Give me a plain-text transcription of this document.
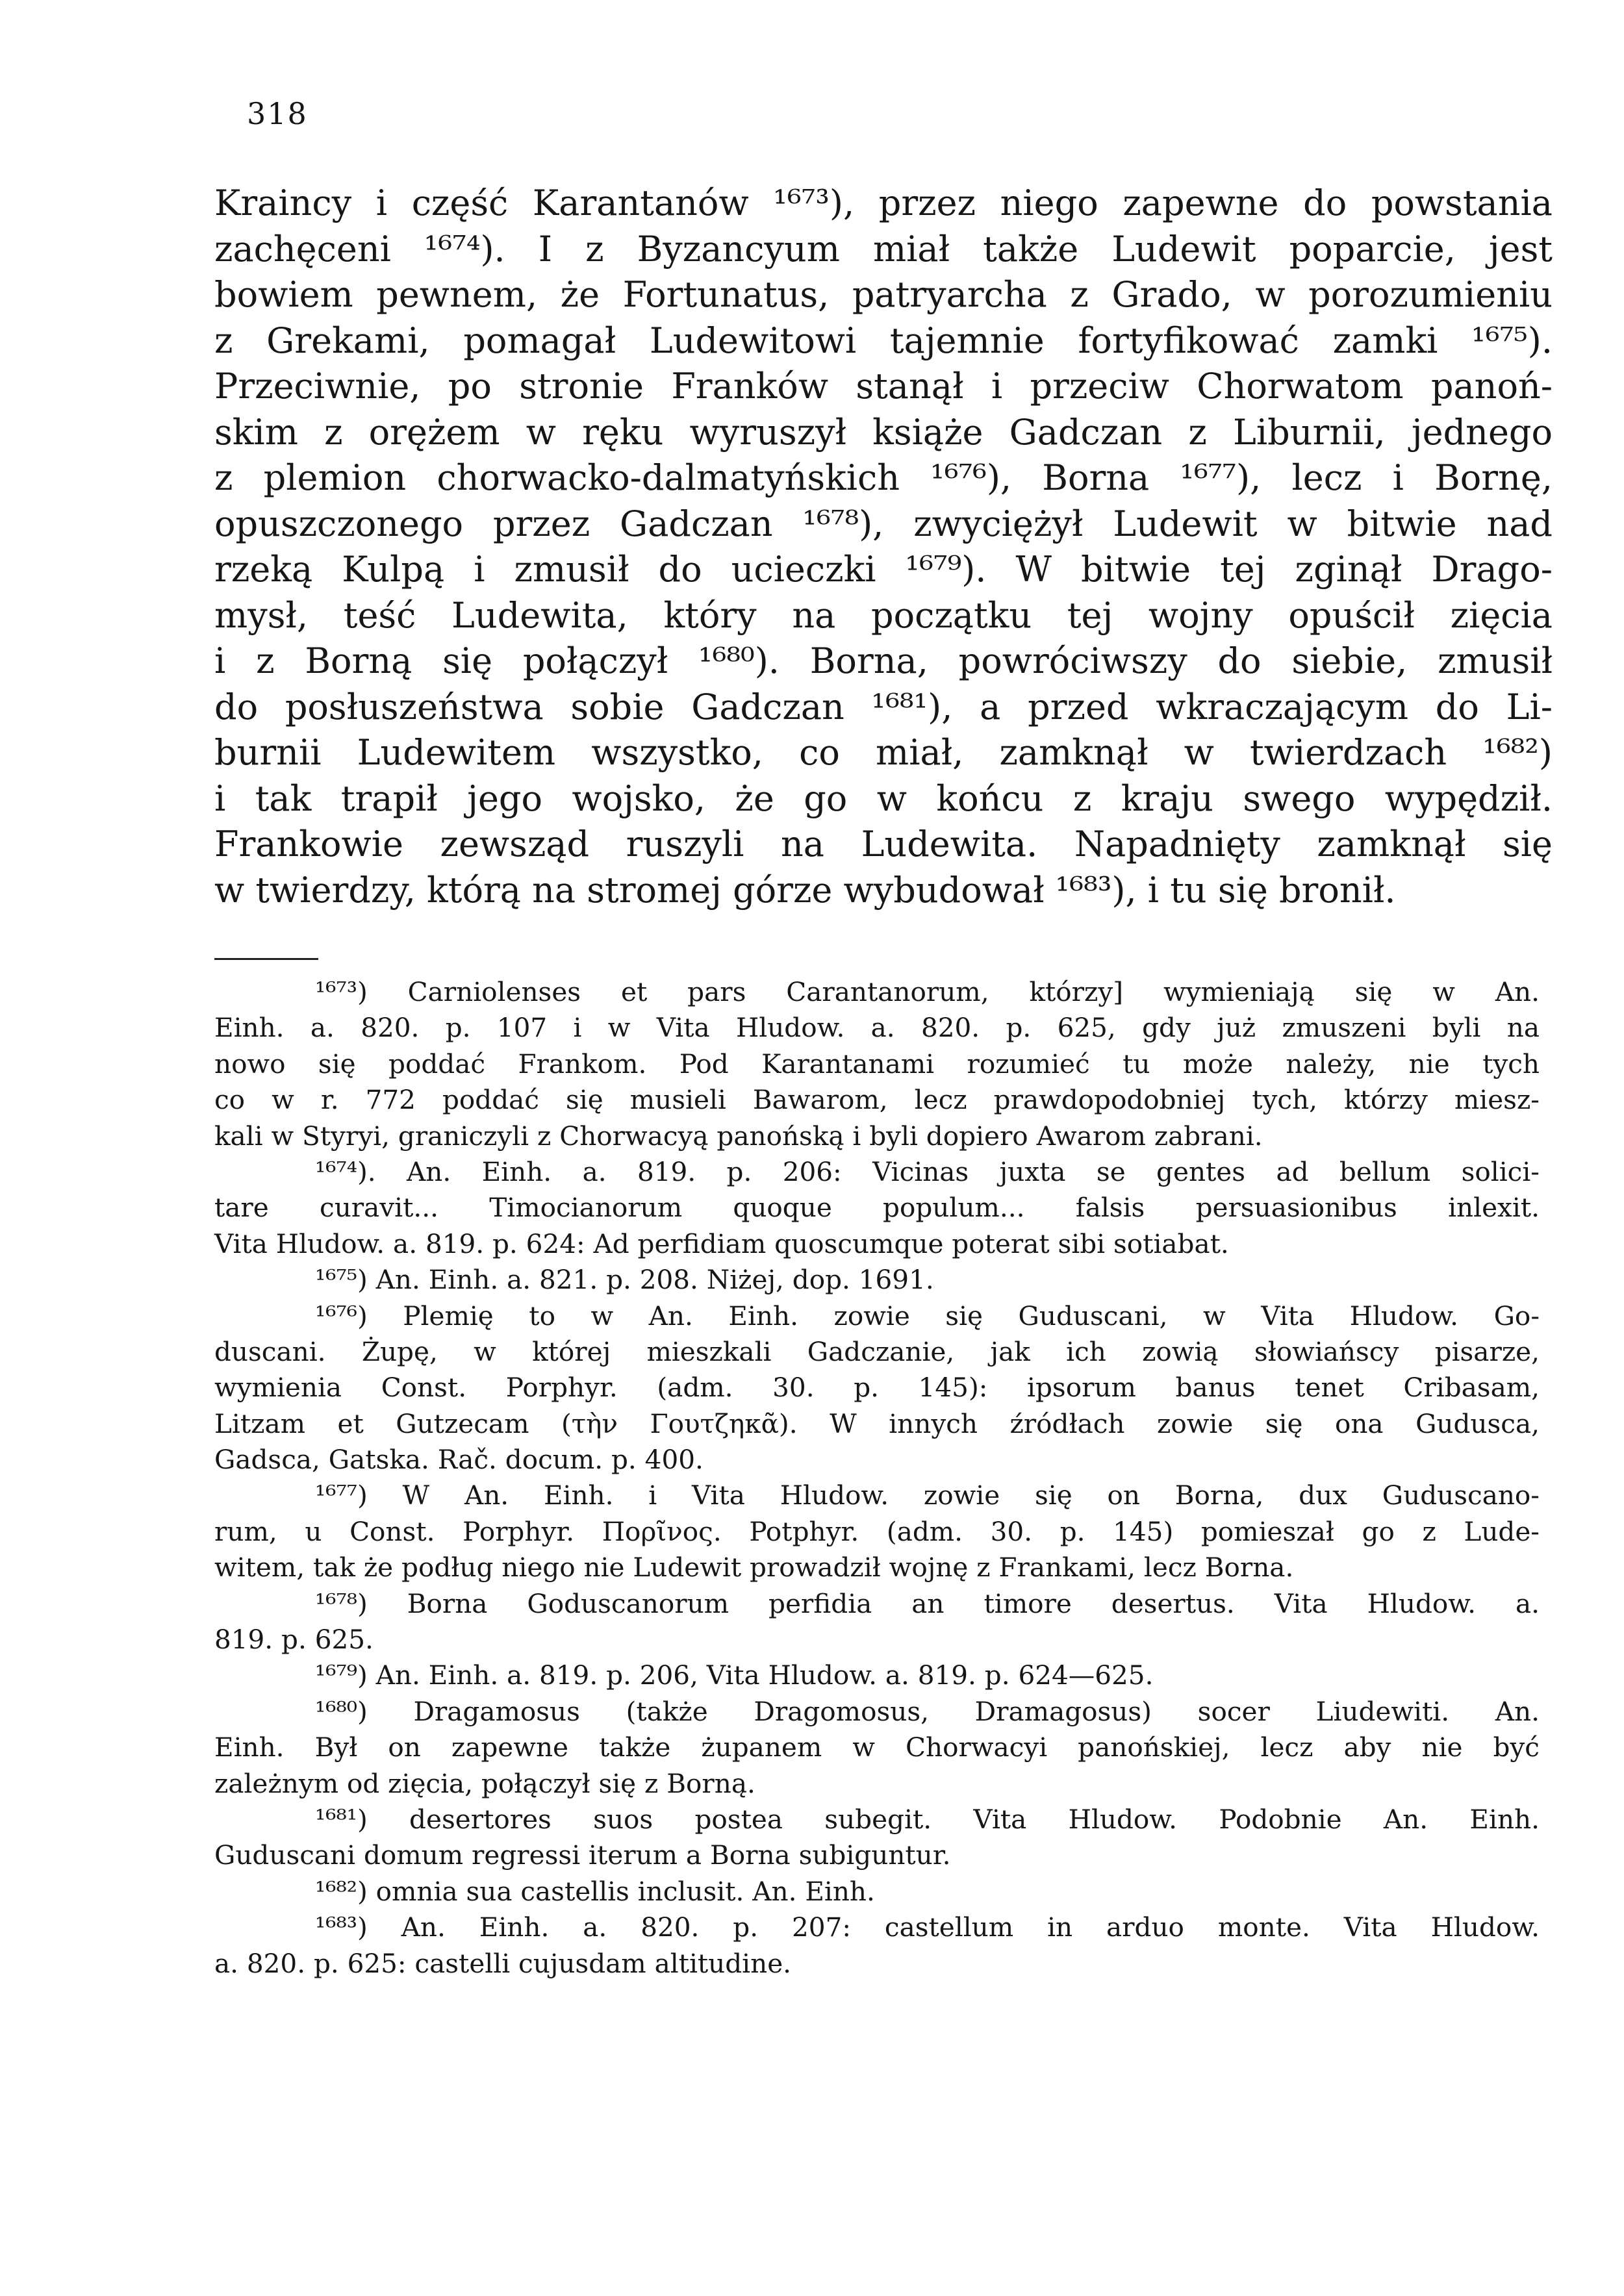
318
Kraincy i część Karantanów ¹⁶⁷³), przez niego zapewne do powstania
zachęceni ¹⁶⁷⁴). I z Byzancyum miał także Ludewit poparcie, jest
bowiem pewnem, że Fortunatus, patryarcha z Grado, w porozumieniu
z Grekami, pomagał Ludewitowi tajemnie fortyfikować zamki ¹⁶⁷⁵).
Przeciwnie, po stronie Franków stanął i przeciw Chorwatom panoń-
skim z orężem w ręku wyruszył książe Gadczan z Liburnii, jednego
z plemion chorwacko-dalmatyńskich ¹⁶⁷⁶), Borna ¹⁶⁷⁷), lecz i Bornę,
opuszczonego przez Gadczan ¹⁶⁷⁸), zwyciężył Ludewit w bitwie nad
rzeką Kulpą i zmusił do ucieczki ¹⁶⁷⁹). W bitwie tej zginął Drago-
mysł, teść Ludewita, który na początku tej wojny opuścił zięcia
i z Borną się połączył ¹⁶⁸⁰). Borna, powróciwszy do siebie, zmusił
do posłuszeństwa sobie Gadczan ¹⁶⁸¹), a przed wkraczającym do Li-
burnii Ludewitem wszystko, co miał, zamknął w twierdzach ¹⁶⁸²)
i tak trapił jego wojsko, że go w końcu z kraju swego wypędził.
Frankowie zewsząd ruszyli na Ludewita. Napadnięty zamknął się
w twierdzy, którą na stromej górze wybudował ¹⁶⁸³), i tu się bronił.
¹⁶⁷³) Carniolenses et pars Carantanorum, którzy] wymieniają się w An.
Einh. a. 820. p. 107 i w Vita Hludow. a. 820. p. 625, gdy już zmuszeni byli na
nowo się poddać Frankom. Pod Karantanami rozumieć tu może należy, nie tych
co w r. 772 poddać się musieli Bawarom, lecz prawdopodobniej tych, którzy miesz-
kali w Styryi, graniczyli z Chorwacyą panońską i byli dopiero Awarom zabrani.
¹⁶⁷⁴). An. Einh. a. 819. p. 206: Vicinas juxta se gentes ad bellum solici-
tare curavit... Timocianorum quoque populum... falsis persuasionibus inlexit.
Vita Hludow. a. 819. p. 624: Ad perfidiam quoscumque poterat sibi sotiabat.
¹⁶⁷⁵) An. Einh. a. 821. p. 208. Niżej, dop. 1691.
¹⁶⁷⁶) Plemię to w An. Einh. zowie się Guduscani, w Vita Hludow. Go-
duscani. Żupę, w której mieszkali Gadczanie, jak ich zowią słowiańscy pisarze,
wymienia Const. Porphyr. (adm. 30. p. 145): ipsorum banus tenet Cribasam,
Litzam et Gutzecam (τὴν Γουτζηκᾶ). W innych źródłach zowie się ona Gudusca,
Gadsca, Gatska. Rač. docum. p. 400.
¹⁶⁷⁷) W An. Einh. i Vita Hludow. zowie się on Borna, dux Guduscano-
rum, u Const. Porphyr. Πορῖνος. Potphyr. (adm. 30. p. 145) pomieszał go z Lude-
witem, tak że podług niego nie Ludewit prowadził wojnę z Frankami, lecz Borna.
¹⁶⁷⁸) Borna Goduscanorum perfidia an timore desertus. Vita Hludow. a.
819. p. 625.
¹⁶⁷⁹) An. Einh. a. 819. p. 206, Vita Hludow. a. 819. p. 624—625.
¹⁶⁸⁰) Dragamosus (także Dragomosus, Dramagosus) socer Liudewiti. An.
Einh. Był on zapewne także żupanem w Chorwacyi panońskiej, lecz aby nie być
zależnym od zięcia, połączył się z Borną.
¹⁶⁸¹) desertores suos postea subegit. Vita Hludow. Podobnie An. Einh.
Guduscani domum regressi iterum a Borna subiguntur.
¹⁶⁸²) omnia sua castellis inclusit. An. Einh.
¹⁶⁸³) An. Einh. a. 820. p. 207: castellum in arduo monte. Vita Hludow.
a. 820. p. 625: castelli cujusdam altitudine.
